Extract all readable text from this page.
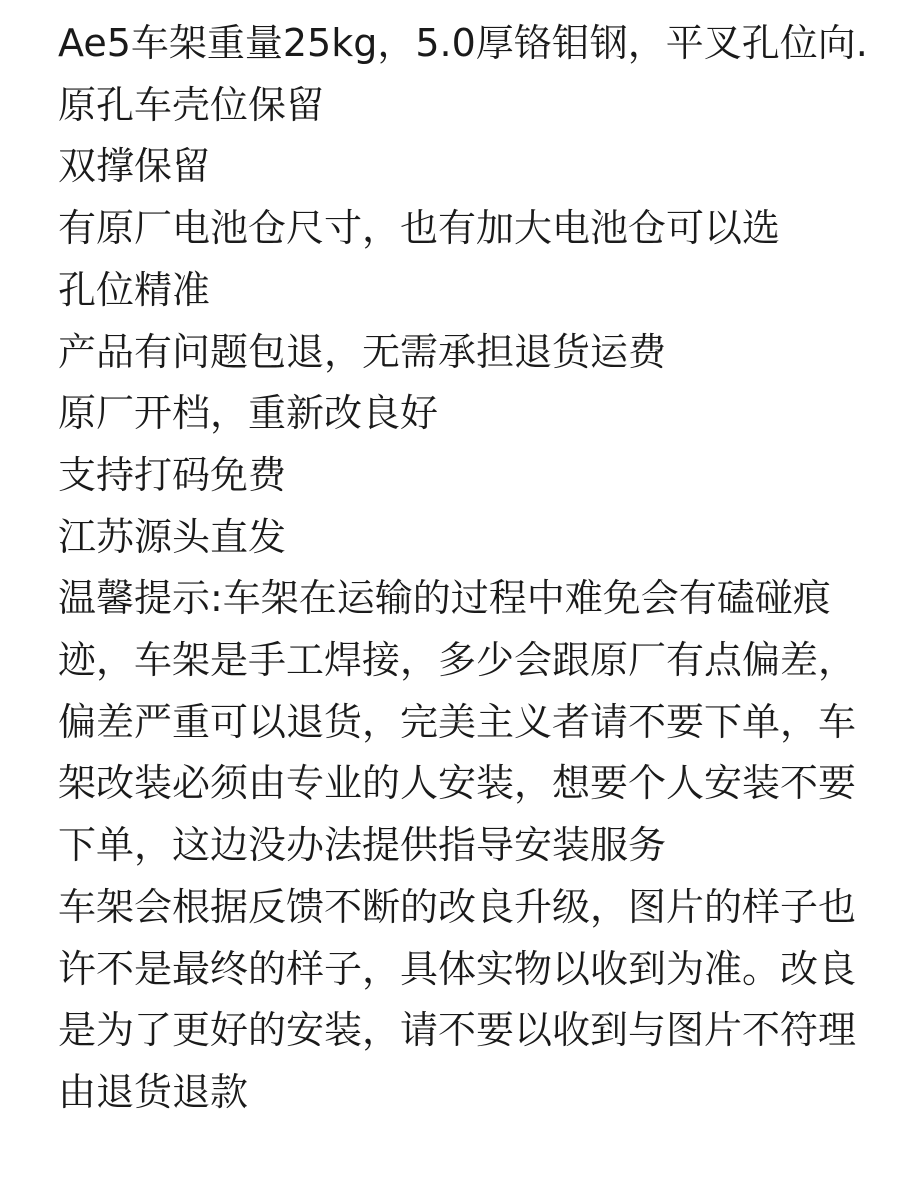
Ae5车架重量25kg，5.0厚铬钼钢，平叉孔位向.
原孔车壳位保留
双撑保留
有原厂电池仓尺寸，也有加大电池仓可以选
孔位精准
产品有问题包退，无需承担退货运费
原厂开档，重新改良好
支持打码免费
江苏源头直发
温馨提示:车架在运输的过程中难免会有磕碰痕
迹，车架是手工焊接，多少会跟原厂有点偏差，
偏差严重可以退货，完美主义者请不要下单，车
架改装必须由专业的人安装，想要个人安装不要
下单，这边没办法提供指导安装服务
车架会根据反馈不断的改良升级，图片的样子也
许不是最终的样子，具体实物以收到为准。改良
是为了更好的安装，请不要以收到与图片不符理
由退货退款
